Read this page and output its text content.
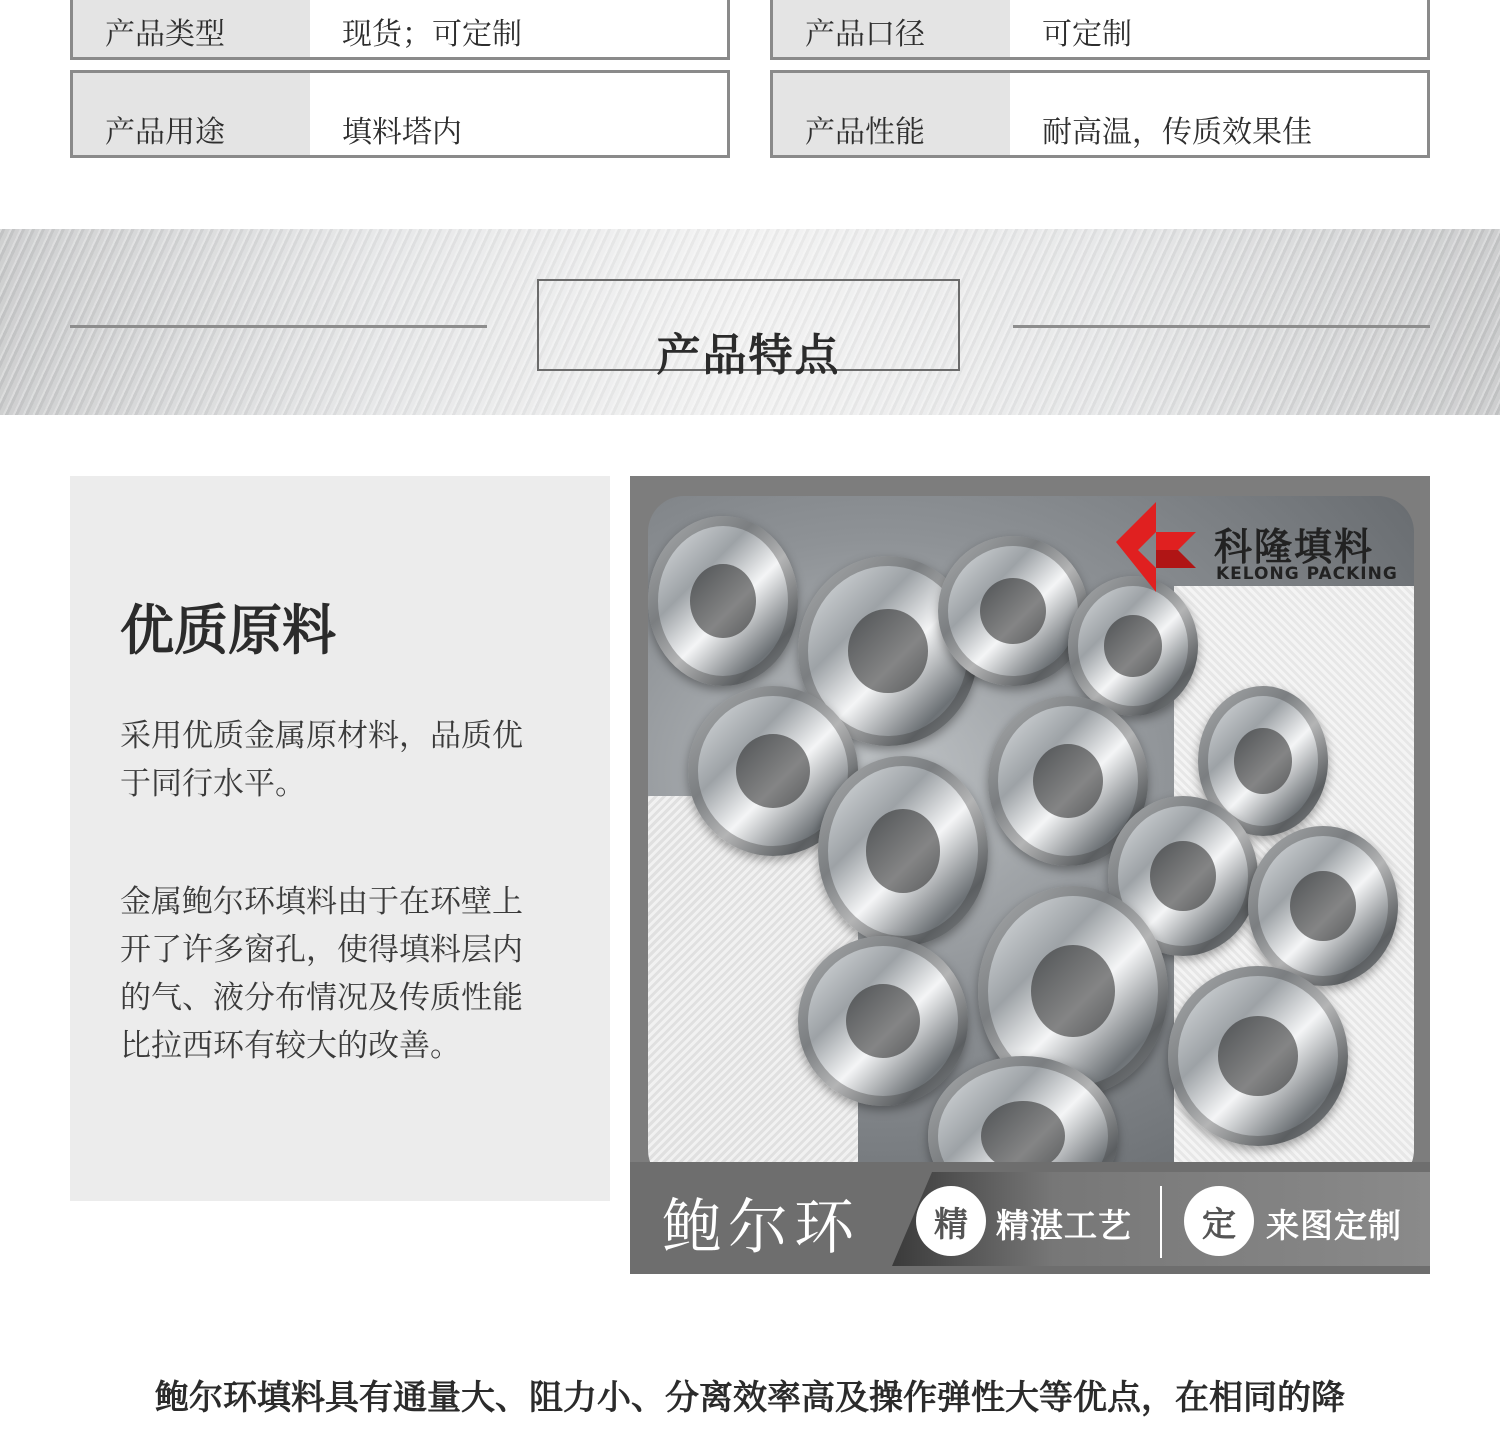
产品类型	现货；可定制	产品口径	可定制
产品用途	填料塔内	产品性能	耐高温，传质效果佳
产品特点
优质原料
采用优质金属原材料，品质优于同行水平。
金属鲍尔环填料由于在环壁上开了许多窗孔，使得填料层内的气、液分布情况及传质性能比拉西环有较大的改善。
科隆填料
KELONG PACKING
鲍尔环	精 精湛工艺	定 来图定制
鲍尔环填料具有通量大、阻力小、分离效率高及操作弹性大等优点，在相同的降
